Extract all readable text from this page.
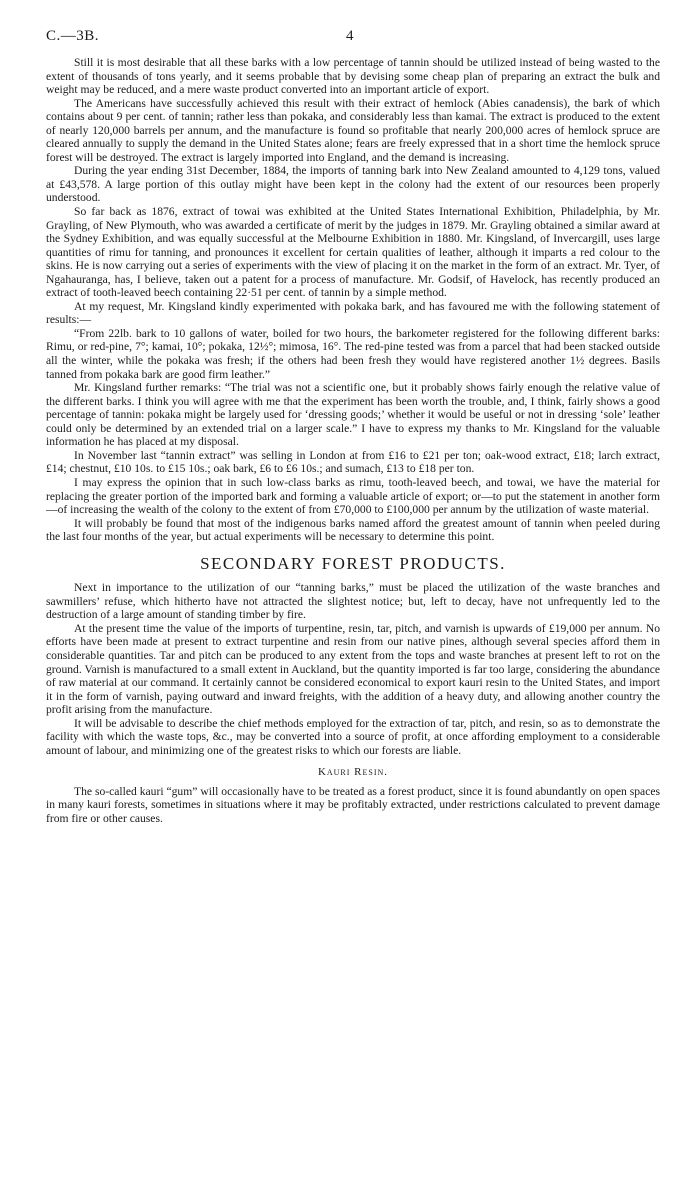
C.—3B.	4

Still it is most desirable that all these barks with a low percentage of tannin should be utilized instead of being wasted to the extent of thousands of tons yearly, and it seems probable that by devising some cheap plan of preparing an extract the bulk and weight may be reduced, and a mere waste product converted into an important article of export.

The Americans have successfully achieved this result with their extract of hemlock (Abies canadensis), the bark of which contains about 9 per cent. of tannin; rather less than pokaka, and considerably less than kamai. The extract is produced to the extent of nearly 120,000 barrels per annum, and the manufacture is found so profitable that nearly 200,000 acres of hemlock spruce are cleared annually to supply the demand in the United States alone; fears are freely expressed that in a short time the hemlock spruce forest will be destroyed. The extract is largely imported into England, and the demand is increasing.

During the year ending 31st December, 1884, the imports of tanning bark into New Zealand amounted to 4,129 tons, valued at £43,578. A large portion of this outlay might have been kept in the colony had the extent of our resources been properly understood.

So far back as 1876, extract of towai was exhibited at the United States International Exhibition, Philadelphia, by Mr. Grayling, of New Plymouth, who was awarded a certificate of merit by the judges in 1879. Mr. Grayling obtained a similar award at the Sydney Exhibition, and was equally successful at the Melbourne Exhibition in 1880. Mr. Kingsland, of Invercargill, uses large quantities of rimu for tanning, and pronounces it excellent for certain qualities of leather, although it imparts a red colour to the skins. He is now carrying out a series of experiments with the view of placing it on the market in the form of an extract. Mr. Tyer, of Ngahauranga, has, I believe, taken out a patent for a process of manufacture. Mr. Godsif, of Havelock, has recently produced an extract of tooth-leaved beech containing 22·51 per cent. of tannin by a simple method.

At my request, Mr. Kingsland kindly experimented with pokaka bark, and has favoured me with the following statement of results:—

“From 22lb. bark to 10 gallons of water, boiled for two hours, the barkometer registered for the following different barks: Rimu, or red-pine, 7°; kamai, 10°; pokaka, 12½°; mimosa, 16°. The red-pine tested was from a parcel that had been stacked outside all the winter, while the pokaka was fresh; if the others had been fresh they would have registered another 1½ degrees. Basils tanned from pokaka bark are good firm leather.”

Mr. Kingsland further remarks: “The trial was not a scientific one, but it probably shows fairly enough the relative value of the different barks. I think you will agree with me that the experiment has been worth the trouble, and, I think, fairly shows a good percentage of tannin: pokaka might be largely used for ‘dressing goods;’ whether it would be useful or not in dressing ‘sole’ leather could only be determined by an extended trial on a larger scale.” I have to express my thanks to Mr. Kingsland for the valuable information he has placed at my disposal.

In November last “tannin extract” was selling in London at from £16 to £21 per ton; oak-wood extract, £18; larch extract, £14; chestnut, £10 10s. to £15 10s.; oak bark, £6 to £6 10s.; and sumach, £13 to £18 per ton.

I may express the opinion that in such low-class barks as rimu, tooth-leaved beech, and towai, we have the material for replacing the greater portion of the imported bark and forming a valuable article of export; or—to put the statement in another form—of increasing the wealth of the colony to the extent of from £70,000 to £100,000 per annum by the utilization of waste material.

It will probably be found that most of the indigenous barks named afford the greatest amount of tannin when peeled during the last four months of the year, but actual experiments will be necessary to determine this point.

SECONDARY FOREST PRODUCTS.

Next in importance to the utilization of our “tanning barks,” must be placed the utilization of the waste branches and sawmillers’ refuse, which hitherto have not attracted the slightest notice; but, left to decay, have not unfrequently led to the destruction of a large amount of standing timber by fire.

At the present time the value of the imports of turpentine, resin, tar, pitch, and varnish is upwards of £19,000 per annum. No efforts have been made at present to extract turpentine and resin from our native pines, although several species afford them in considerable quantities. Tar and pitch can be produced to any extent from the tops and waste branches at present left to rot on the ground. Varnish is manufactured to a small extent in Auckland, but the quantity imported is far too large, considering the abundance of raw material at our command. It certainly cannot be considered economical to export kauri resin to the United States, and import it in the form of varnish, paying outward and inward freights, with the addition of a heavy duty, and allowing another country the profit arising from the manufacture.

It will be advisable to describe the chief methods employed for the extraction of tar, pitch, and resin, so as to demonstrate the facility with which the waste tops, &c., may be converted into a source of profit, at once affording employment to a considerable amount of labour, and minimizing one of the greatest risks to which our forests are liable.

Kauri Resin.

The so-called kauri “gum” will occasionally have to be treated as a forest product, since it is found abundantly on open spaces in many kauri forests, sometimes in situations where it may be profitably extracted, under restrictions calculated to prevent damage from fire or other causes.
